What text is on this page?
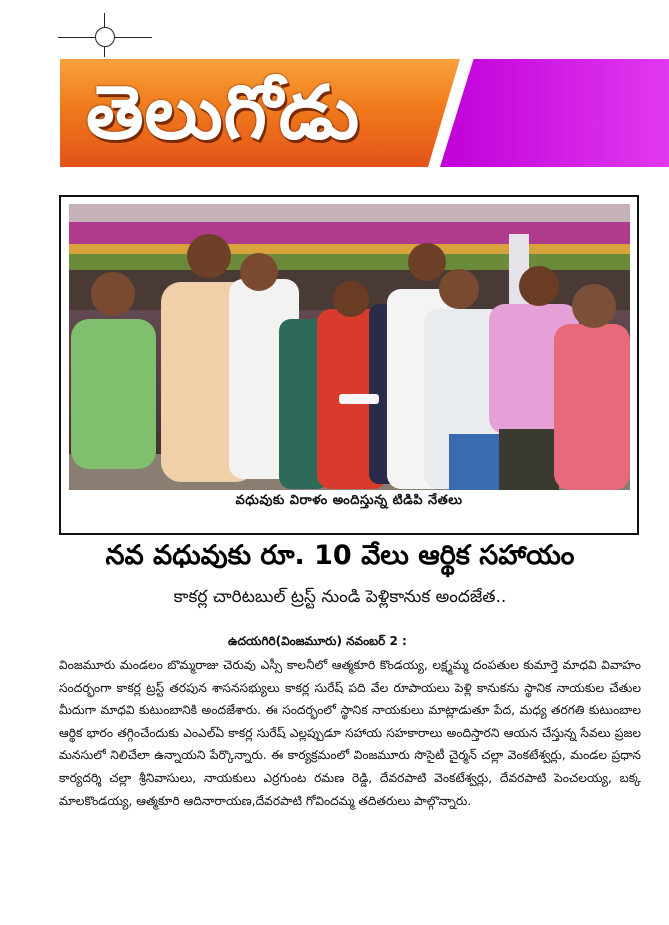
తెలుగోడు
వధువుకు విరాళం అందిస్తున్న టిడిపి నేతలు
నవ వధువుకు రూ. 10 వేలు ఆర్థిక సహాయం
కాకర్ల చారిటబుల్ ట్రస్ట్ నుండి పెళ్లికానుక అందజేత..
ఉదయగిరి(వింజమూరు) నవంబర్ 2 :
వింజమూరు మండలం బొమ్మరాజు చెరువు ఎస్సీ కాలనీలో ఆత్మకూరి కొండయ్య, లక్ష్మమ్మ దంపతుల కుమార్తె మాధవి వివాహం సందర్భంగా కాకర్ల ట్రస్ట్ తరపున శాసనసభ్యులు కాకర్ల సురేష్ పది వేల రూపాయలు పెళ్లి కానుకను స్థానిక నాయకుల చేతుల మీదుగా మాధవి కుటుంబానికి అందజేశారు. ఈ సందర్భంలో స్థానిక నాయకులు మాట్లాడుతూ పేద, మధ్య తరగతి కుటుంబాల ఆర్థిక భారం తగ్గించేందుకు ఎంఎల్ఏ కాకర్ల సురేష్ ఎల్లప్పుడూ సహాయ సహకారాలు అందిస్తారని ఆయన చేస్తున్న సేవలు ప్రజల మనసులో నిలిచేలా ఉన్నాయని పేర్కొన్నారు. ఈ కార్యక్రమంలో వింజమూరు సొసైటీ చైర్మన్ చల్లా వెంకటేశ్వర్లు, మండల ప్రధాన కార్యదర్శి చల్లా శ్రీనివాసులు, నాయకులు ఎర్రగుంట రమణ రెడ్డి, దేవరపాటి వెంకటేశ్వర్లు, దేవరపాటి పెంచలయ్య, బక్క మాలకొండయ్య, ఆత్మకూరి ఆదినారాయణ,దేవరపాటి గోవిందమ్మ తదితరులు పాల్గొన్నారు.
